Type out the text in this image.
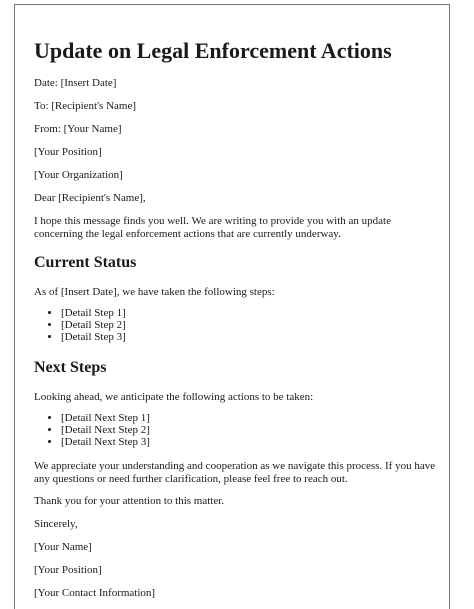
Update on Legal Enforcement Actions

Date: [Insert Date]

To: [Recipient's Name]

From: [Your Name]

[Your Position]

[Your Organization]

Dear [Recipient's Name],

I hope this message finds you well. We are writing to provide you with an update concerning the legal enforcement actions that are currently underway.

Current Status

As of [Insert Date], we have taken the following steps:

• [Detail Step 1]
• [Detail Step 2]
• [Detail Step 3]
Next Steps

Looking ahead, we anticipate the following actions to be taken:

• [Detail Next Step 1]
• [Detail Next Step 2]
• [Detail Next Step 3]

We appreciate your understanding and cooperation as we navigate this process. If you have any questions or need further clarification, please feel free to reach out.

Thank you for your attention to this matter.

Sincerely,

[Your Name]

[Your Position]

[Your Contact Information]
